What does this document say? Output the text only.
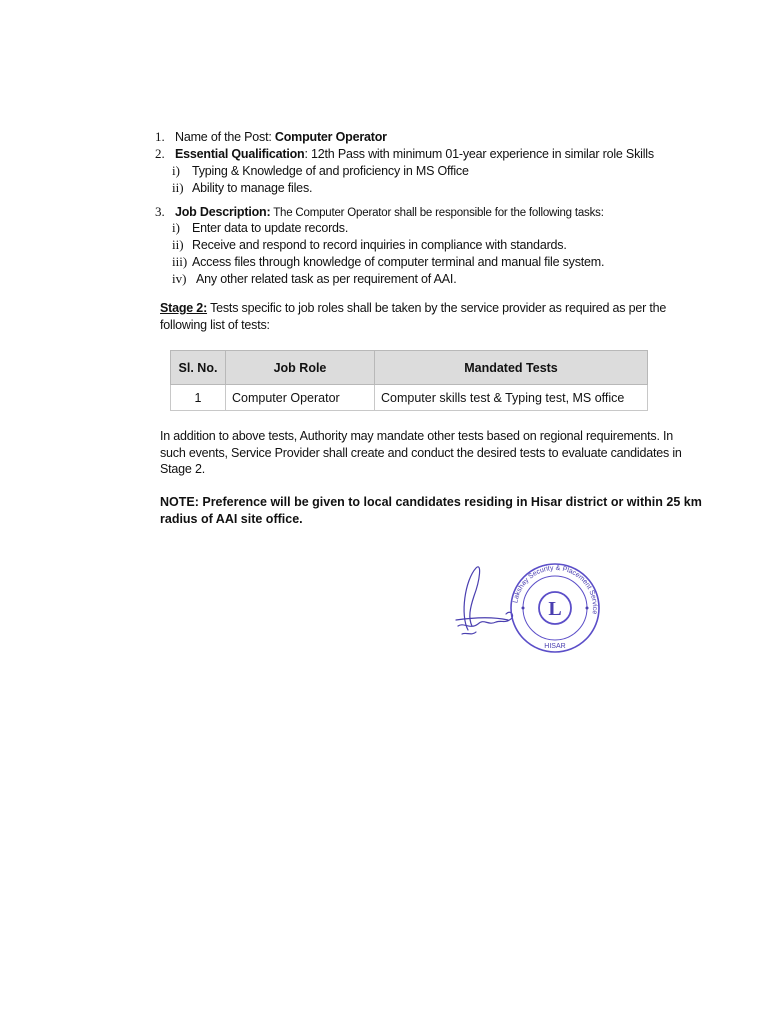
1. Name of the Post: Computer Operator
2. Essential Qualification: 12th Pass with minimum 01-year experience in similar role Skills
i) Typing & Knowledge of and proficiency in MS Office
ii) Ability to manage files.
3. Job Description: The Computer Operator shall be responsible for the following tasks:
i) Enter data to update records.
ii) Receive and respond to record inquiries in compliance with standards.
iii) Access files through knowledge of computer terminal and manual file system.
iv) Any other related task as per requirement of AAI.
Stage 2: Tests specific to job roles shall be taken by the service provider as required as per the
following list of tests:
Sl. No.	Job Role	Mandated Tests
1	Computer Operator	Computer skills test & Typing test, MS office
In addition to above tests, Authority may mandate other tests based on regional requirements. In
such events, Service Provider shall create and conduct the desired tests to evaluate candidates in
Stage 2.
NOTE: Preference will be given to local candidates residing in Hisar district or within 25 km
radius of AAI site office.
L
Lakshay Security & Placement Service
HISAR
